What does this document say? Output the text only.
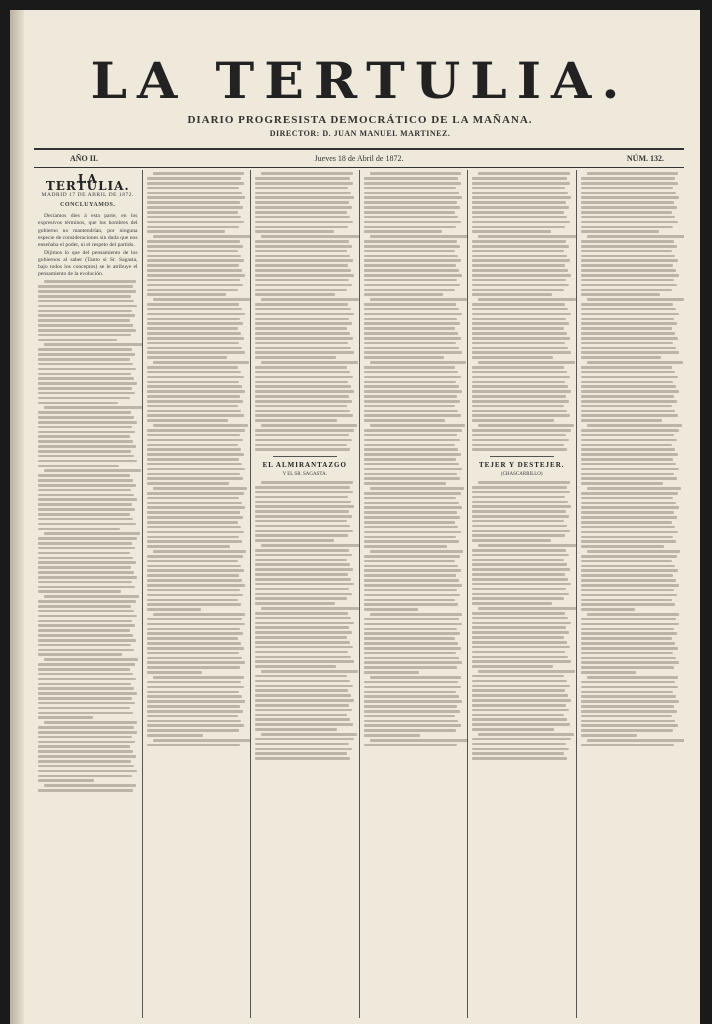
LA TERTULIA.
DIARIO PROGRESISTA DEMOCRÁTICO DE LA MAÑANA.
DIRECTOR: D. JUAN MANUEL MARTINEZ.
AÑO II.	Jueves 18 de Abril de 1872.	NÚM. 132.
LA TERTULIA.
MADRID 17 DE ABRIL DE 1872.
CONCLUYAMOS.

Decíamos dies á esta parte, en los expresivos términos, que los hombres del gobierno no mantendrían, por ninguna especie de consideraciones sin duda que nos enseñaba el poder, ni el respeto del partido.

Dijimos lo que del pensamiento de los gobiernos al saber (Tanto si Sr. Sagasta, bajo todos los conceptos) se le atribuye el pensamiento de la evolución.

EL ALMIRANTAZGO
Y EL SR. SAGASTA.
TEJER Y DESTEJER.
(CHASCARRILLO)
